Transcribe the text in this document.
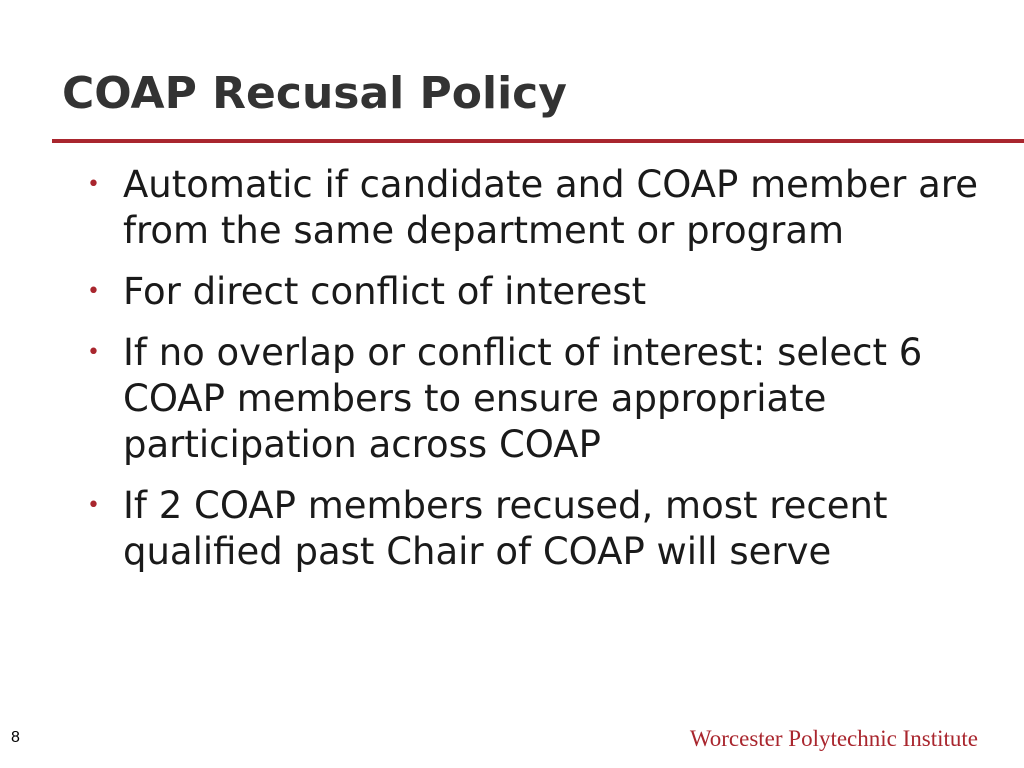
COAP Recusal Policy
• Automatic if candidate and COAP member are from the same department or program
• For direct conflict of interest
• If no overlap or conflict of interest: select 6 COAP members to ensure appropriate participation across COAP
• If 2 COAP members recused, most recent qualified past Chair of COAP will serve
8	Worcester Polytechnic Institute
